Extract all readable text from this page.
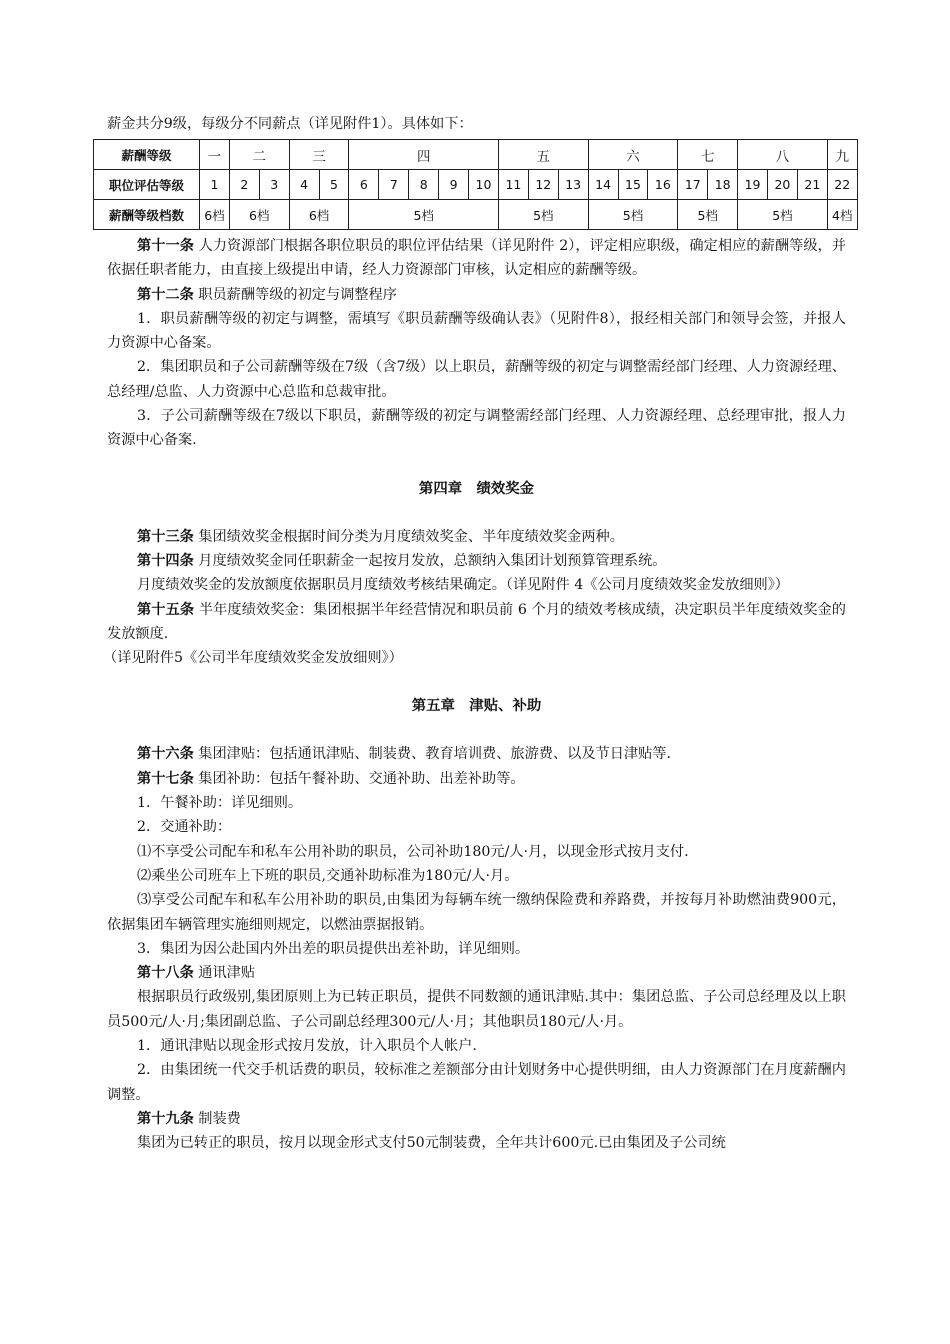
薪金共分9级，每级分不同薪点（详见附件1）。具体如下：
薪酬等级	一	二		三		四					五			六			七		八			九
职位评估等级	1	2	3	4	5	6	7	8	9	10	11	12	13	14	15	16	17	18	19	20	21	22
薪酬等级档数	6档	6档		6档		5档					5档			5档			5档		5档			4档

第十一条 人力资源部门根据各职位职员的职位评估结果（详见附件 2），评定相应职级，确定相应的薪酬等级，并依据任职者能力，由直接上级提出申请，经人力资源部门审核，认定相应的薪酬等级。

第十二条 职员薪酬等级的初定与调整程序

1．职员薪酬等级的初定与调整，需填写《职员薪酬等级确认表》（见附件8），报经相关部门和领导会签，并报人力资源中心备案。

2．集团职员和子公司薪酬等级在7级（含7级）以上职员，薪酬等级的初定与调整需经部门经理、人力资源经理、总经理/总监、人力资源中心总监和总裁审批。

3．子公司薪酬等级在7级以下职员，薪酬等级的初定与调整需经部门经理、人力资源经理、总经理审批，报人力资源中心备案.

第四章　绩效奖金

第十三条 集团绩效奖金根据时间分类为月度绩效奖金、半年度绩效奖金两种。

第十四条 月度绩效奖金同任职薪金一起按月发放，总额纳入集团计划预算管理系统。

月度绩效奖金的发放额度依据职员月度绩效考核结果确定。（详见附件 4《公司月度绩效奖金发放细则》）

第十五条 半年度绩效奖金：集团根据半年经营情况和职员前 6 个月的绩效考核成绩，决定职员半年度绩效奖金的发放额度.

（详见附件5《公司半年度绩效奖金发放细则》）

第五章　津贴、补助

第十六条 集团津贴：包括通讯津贴、制装费、教育培训费、旅游费、以及节日津贴等.

第十七条 集团补助：包括午餐补助、交通补助、出差补助等。

1．午餐补助：详见细则。

2．交通补助：

⑴不享受公司配车和私车公用补助的职员，公司补助180元/人·月，以现金形式按月支付.

⑵乘坐公司班车上下班的职员,交通补助标准为180元/人·月。

⑶享受公司配车和私车公用补助的职员,由集团为每辆车统一缴纳保险费和养路费，并按每月补助燃油费900元，依据集团车辆管理实施细则规定，以燃油票据报销。

3．集团为因公赴国内外出差的职员提供出差补助，详见细则。

第十八条 通讯津贴

根据职员行政级别,集团原则上为已转正职员，提供不同数额的通讯津贴.其中：集团总监、子公司总经理及以上职员500元/人·月;集团副总监、子公司副总经理300元/人·月；其他职员180元/人·月。

1．通讯津贴以现金形式按月发放，计入职员个人帐户.

2．由集团统一代交手机话费的职员，较标准之差额部分由计划财务中心提供明细，由人力资源部门在月度薪酬内调整。

第十九条 制装费

集团为已转正的职员，按月以现金形式支付50元制装费，全年共计600元.已由集团及子公司统
